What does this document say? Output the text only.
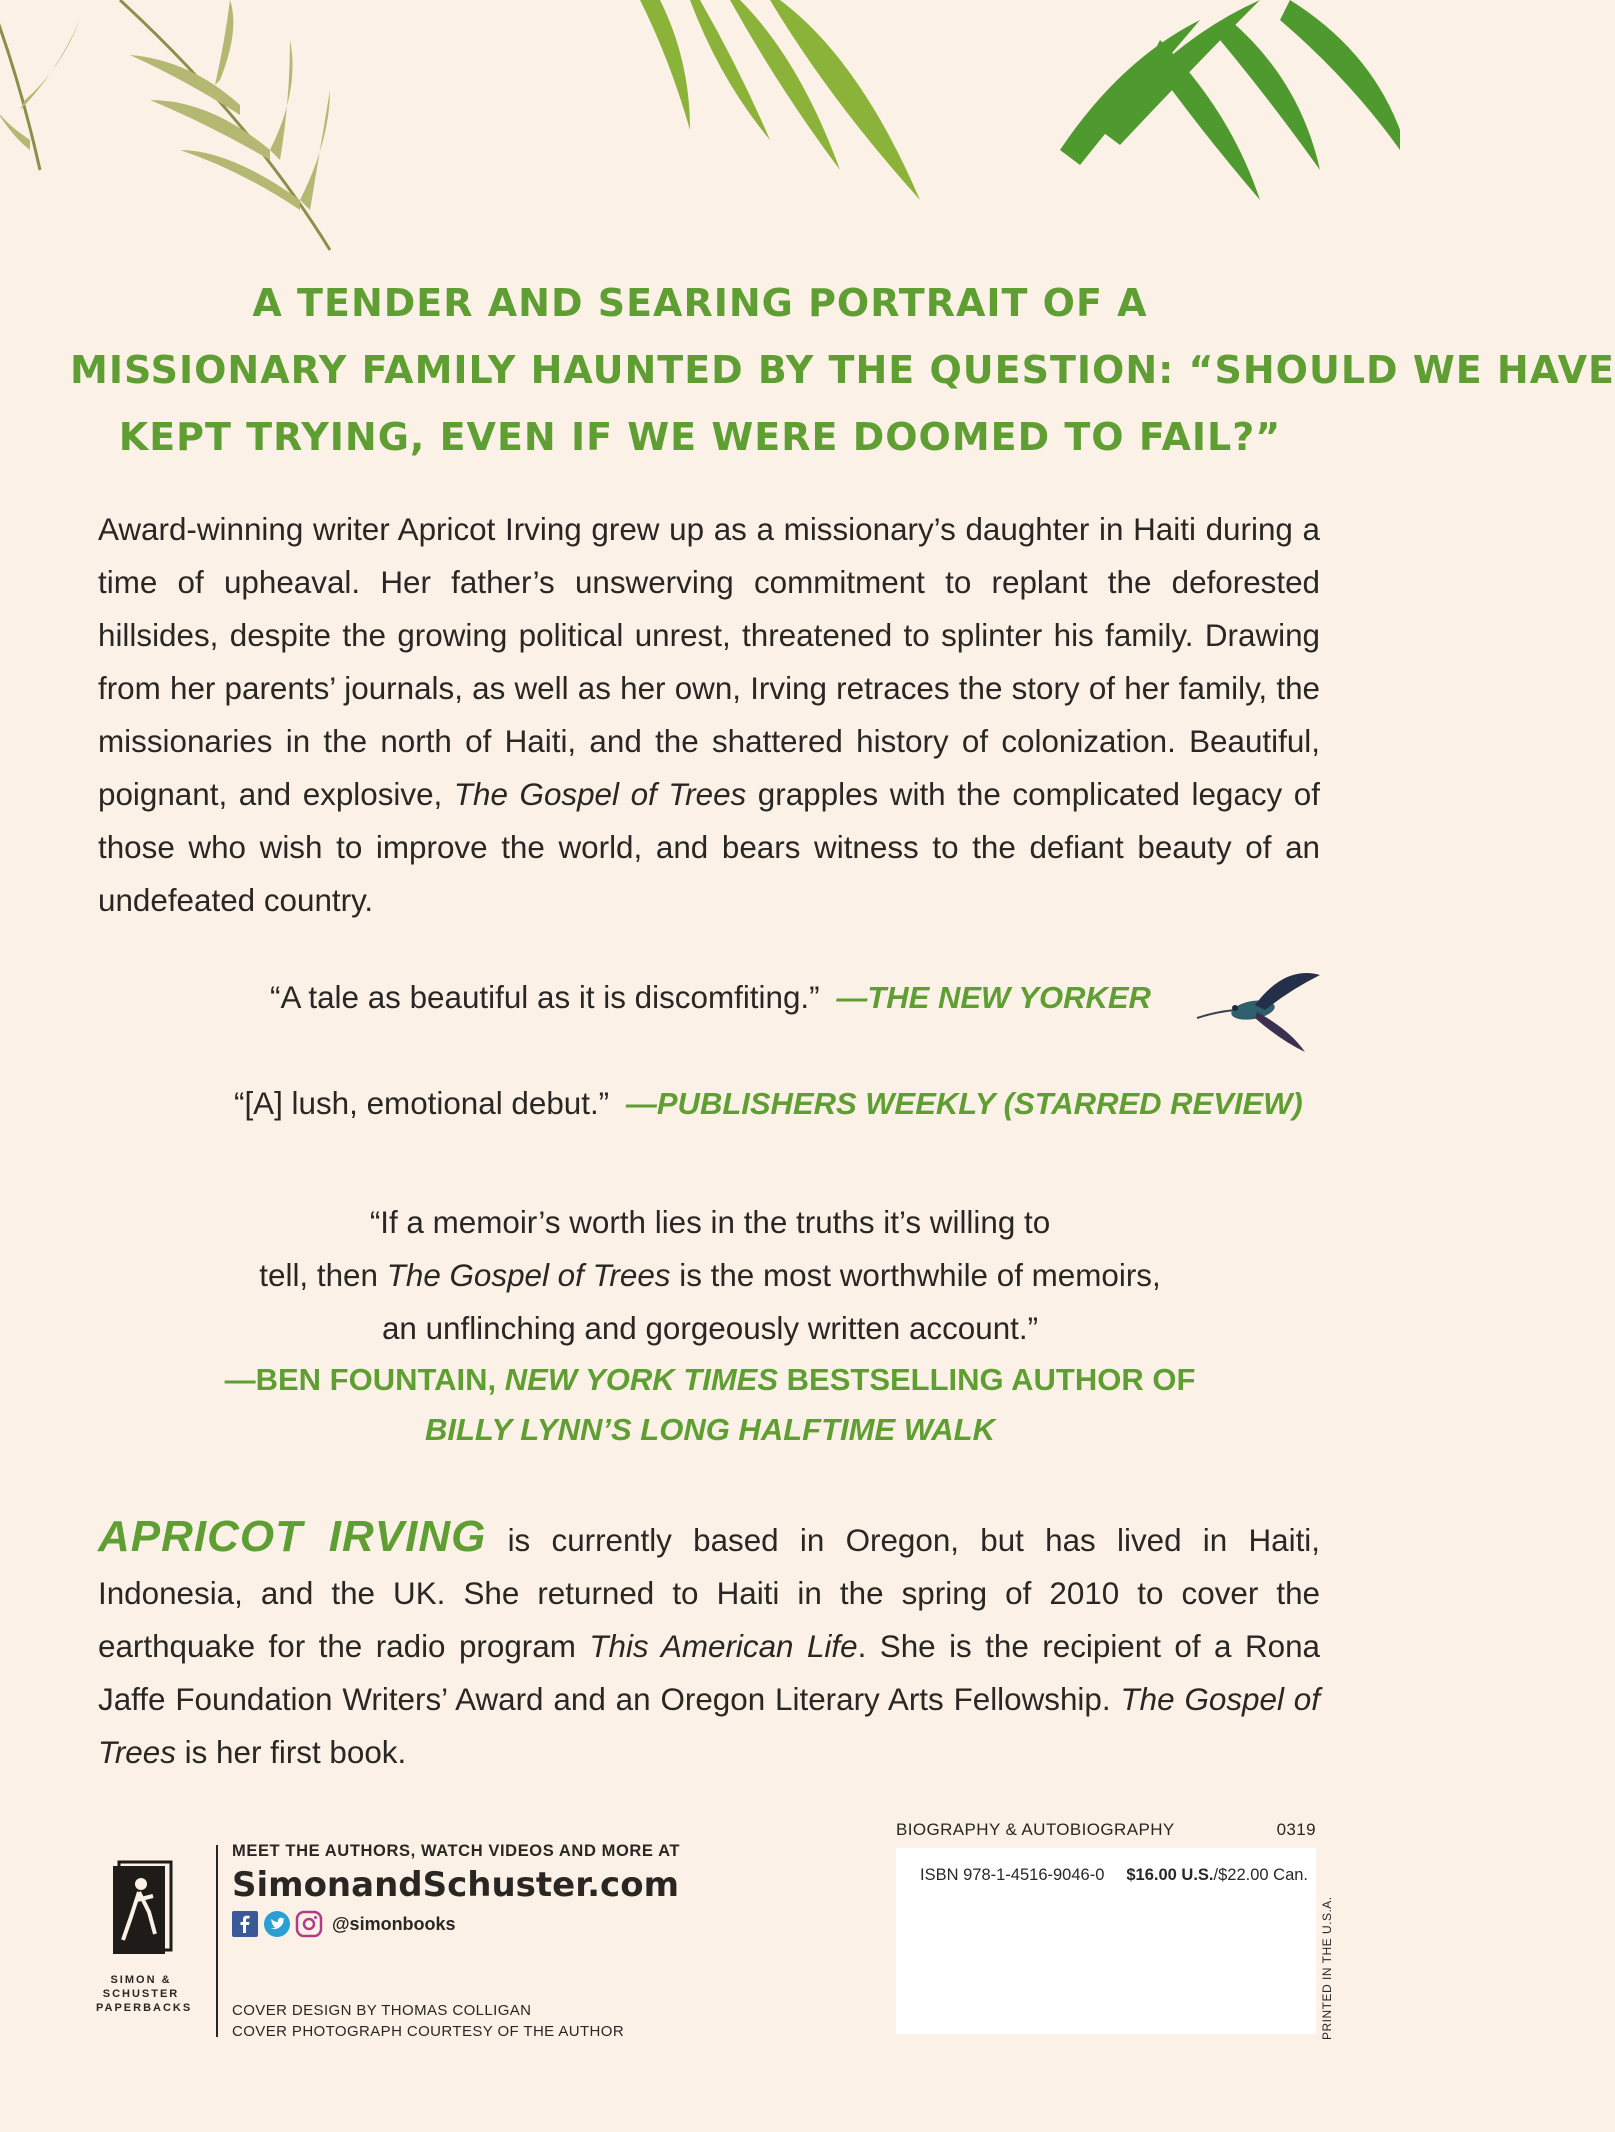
A TENDER AND SEARING PORTRAIT OF A
MISSIONARY FAMILY HAUNTED BY THE QUESTION: “SHOULD WE HAVE
KEPT TRYING, EVEN IF WE WERE DOOMED TO FAIL?”

Award-winning writer Apricot Irving grew up as a missionary’s daughter in Haiti during a time of upheaval. Her father’s unswerving commitment to replant the deforested hillsides, despite the growing political unrest, threatened to splinter his family. Drawing from her parents’ journals, as well as her own, Irving retraces the story of her family, the missionaries in the north of Haiti, and the shattered history of colonization. Beautiful, poignant, and explosive, The Gospel of Trees grapples with the complicated legacy of those who wish to improve the world, and bears witness to the defiant beauty of an undefeated country.

“A tale as beautiful as it is discomfiting.” —THE NEW YORKER
“[A] lush, emotional debut.” —PUBLISHERS WEEKLY (STARRED REVIEW)
“If a memoir’s worth lies in the truths it’s willing to
tell, then The Gospel of Trees is the most worthwhile of memoirs,
an unflinching and gorgeously written account.”
—BEN FOUNTAIN, NEW YORK TIMES BESTSELLING AUTHOR OF
BILLY LYNN’S LONG HALFTIME WALK

APRICOT IRVING is currently based in Oregon, but has lived in Haiti, Indonesia, and the UK. She returned to Haiti in the spring of 2010 to cover the earthquake for the radio program This American Life. She is the recipient of a Rona Jaffe Foundation Writers’ Award and an Oregon Literary Arts Fellowship. The Gospel of Trees is her first book.

SIMON &
SCHUSTER
PAPERBACKS
MEET THE AUTHORS, WATCH VIDEOS AND MORE AT
SimonandSchuster.com
@simonbooks
COVER DESIGN BY THOMAS COLLIGAN
COVER PHOTOGRAPH COURTESY OF THE AUTHOR
BIOGRAPHY & AUTOBIOGRAPHY	0319
ISBN 978-1-4516-9046-0 $16.00 U.S./$22.00 Can.
PRINTED IN THE U.S.A.
